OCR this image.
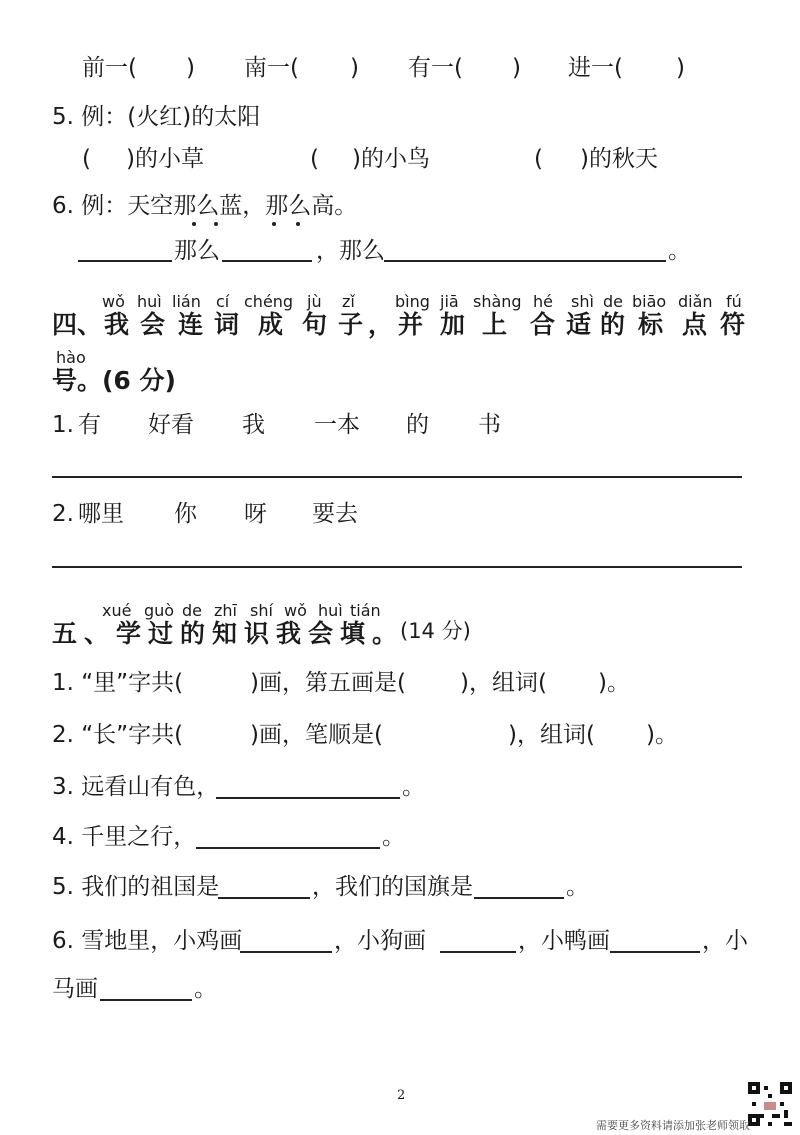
前一( ) 南一( ) 有一( ) 进一( )
5. 例：(火红)的太阳
( )的小草	( )的小鸟	( )的秋天
6. 例：天空那么蓝，那么高。
那么	，那么	。
wǒ huì lián cí chéng jù zǐ	bìng jiā shàng hé shì de biāo diǎn fú
四、 我 会 连 词 成 句 子 ， 并 加 上 合 适 的 标 点 符
hào
号。(6 分)
1. 有 好看 我 一本 的 书
2. 哪里 你 呀 要去
xué guò de zhī shí wǒ huì tián
五、学过的知识我会填。
(14 分)
1. “里”字共(	)画，第五画是( )，组词( )。
2. “长”字共(	)画，笔顺是(	)，组词( )。
3. 远看山有色，	。
4. 千里之行，	。
5. 我们的祖国是	，我们的国旗是	。
6. 雪地里，小鸡画	，小狗画	，小鸭画	，小
马画	。
2
需要更多资料请添加张老师领取
